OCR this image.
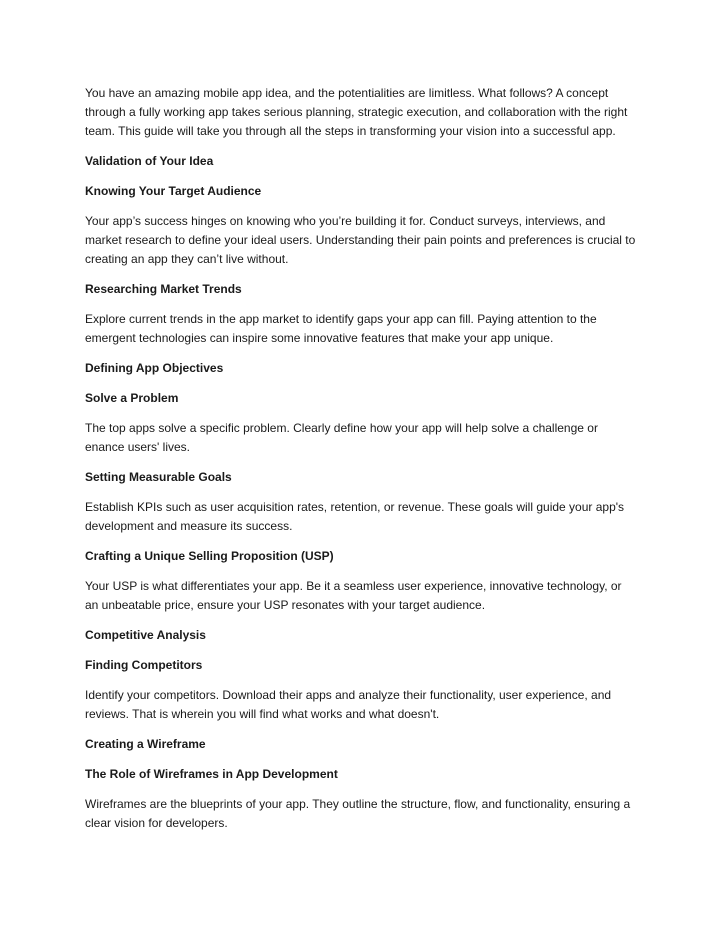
You have an amazing mobile app idea, and the potentialities are limitless. What follows? A concept through a fully working app takes serious planning, strategic execution, and collaboration with the right team. This guide will take you through all the steps in transforming your vision into a successful app.

Validation of Your Idea

Knowing Your Target Audience

Your app’s success hinges on knowing who you’re building it for. Conduct surveys, interviews, and market research to define your ideal users. Understanding their pain points and preferences is crucial to creating an app they can’t live without.

Researching Market Trends

Explore current trends in the app market to identify gaps your app can fill. Paying attention to the emergent technologies can inspire some innovative features that make your app unique.

Defining App Objectives

Solve a Problem

The top apps solve a specific problem. Clearly define how your app will help solve a challenge or enance users' lives.

Setting Measurable Goals

Establish KPIs such as user acquisition rates, retention, or revenue. These goals will guide your app's development and measure its success.

Crafting a Unique Selling Proposition (USP)

Your USP is what differentiates your app. Be it a seamless user experience, innovative technology, or an unbeatable price, ensure your USP resonates with your target audience.

Competitive Analysis

Finding Competitors

Identify your competitors. Download their apps and analyze their functionality, user experience, and reviews. That is wherein you will find what works and what doesn't.

Creating a Wireframe

The Role of Wireframes in App Development

Wireframes are the blueprints of your app. They outline the structure, flow, and functionality, ensuring a clear vision for developers.
